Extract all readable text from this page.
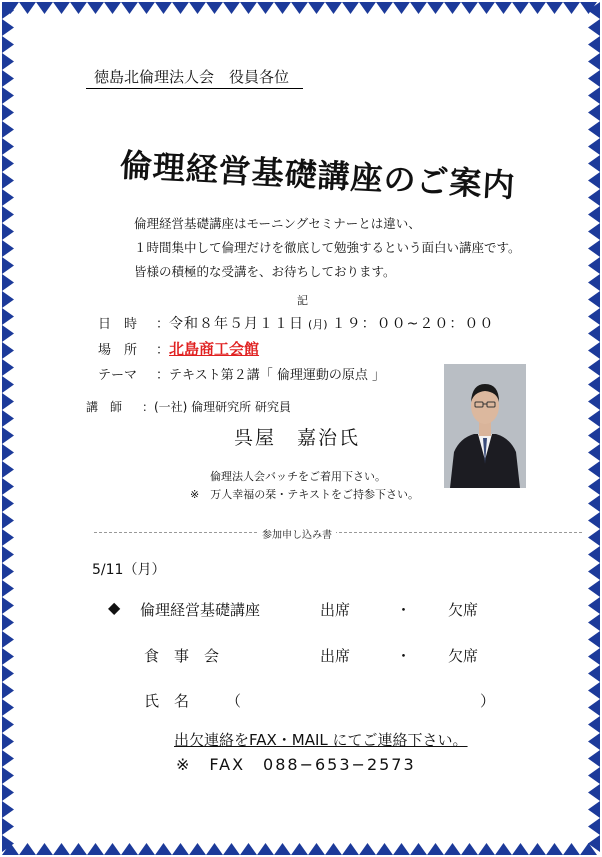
徳島北倫理法人会　役員各位
倫理経営基礎講座のご案内
倫理経営基礎講座はモーニングセミナーとは違い、
１時間集中して倫理だけを徹底して勉強するという面白い講座です。
皆様の積極的な受講を、お待ちしております。
記
日　時 ：令和８年５月１１日 (月) １９：００~２０：００
場　所 ：北島商工会館
テーマ ：テキスト第２講「 倫理運動の原点 」
講　師 ：(一社) 倫理研究所 研究員
呉屋　嘉治氏
倫理法人会バッチをご着用下さい。
※　万人幸福の栞・テキストをご持参下さい。
参加申し込み書
5/11（月）
◆ 倫理経営基礎講座	出席	・ 欠席
食　事　会	出席	・ 欠席
氏　名 （	）
出欠連絡をFAX・MAIL にてご連絡下さい。
※　FAX　088−653−2573
